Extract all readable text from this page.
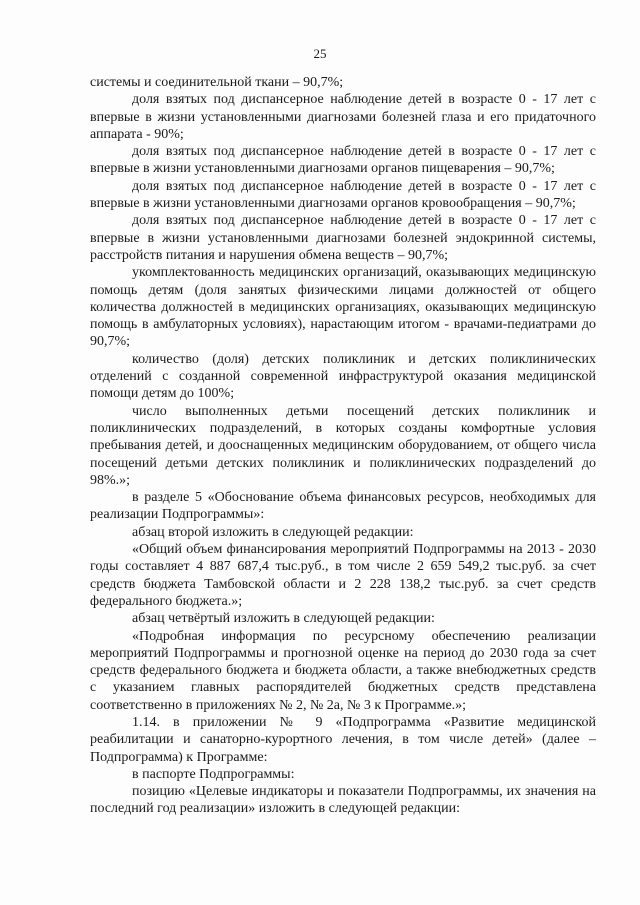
25

системы и соединительной ткани – 90,7%;

доля взятых под диспансерное наблюдение детей в возрасте 0 - 17 лет с впервые в жизни установленными диагнозами болезней глаза и его придаточного аппарата - 90%;

доля взятых под диспансерное наблюдение детей в возрасте 0 - 17 лет с впервые в жизни установленными диагнозами органов пищеварения – 90,7%;

доля взятых под диспансерное наблюдение детей в возрасте 0 - 17 лет с впервые в жизни установленными диагнозами органов кровообращения – 90,7%;

доля взятых под диспансерное наблюдение детей в возрасте 0 - 17 лет с впервые в жизни установленными диагнозами болезней эндокринной системы, расстройств питания и нарушения обмена веществ – 90,7%;

укомплектованность медицинских организаций, оказывающих медицинскую помощь детям (доля занятых физическими лицами должностей от общего количества должностей в медицинских организациях, оказывающих медицинскую помощь в амбулаторных условиях), нарастающим итогом - врачами-педиатрами до 90,7%;

количество (доля) детских поликлиник и детских поликлинических отделений с созданной современной инфраструктурой оказания медицинской помощи детям до 100%;

число выполненных детьми посещений детских поликлиник и поликлинических подразделений, в которых созданы комфортные условия пребывания детей, и дооснащенных медицинским оборудованием, от общего числа посещений детьми детских поликлиник и поликлинических подразделений до 98%.»;

в разделе 5 «Обоснование объема финансовых ресурсов, необходимых для реализации Подпрограммы»:

абзац второй изложить в следующей редакции:

«Общий объем финансирования мероприятий Подпрограммы на 2013 - 2030 годы составляет 4 887 687,4 тыс.руб., в том числе 2 659 549,2 тыс.руб. за счет средств бюджета Тамбовской области и 2 228 138,2 тыс.руб. за счет средств федерального бюджета.»;

абзац четвёртый изложить в следующей редакции:

«Подробная информация по ресурсному обеспечению реализации мероприятий Подпрограммы и прогнозной оценке на период до 2030 года за счет средств федерального бюджета и бюджета области, а также внебюджетных средств с указанием главных распорядителей бюджетных средств представлена соответственно в приложениях № 2, № 2а, № 3 к Программе.»;

1.14. в приложении № 9 «Подпрограмма «Развитие медицинской реабилитации и санаторно-курортного лечения, в том числе детей» (далее – Подпрограмма) к Программе:

в паспорте Подпрограммы:

позицию «Целевые индикаторы и показатели Подпрограммы, их значения на последний год реализации» изложить в следующей редакции:
